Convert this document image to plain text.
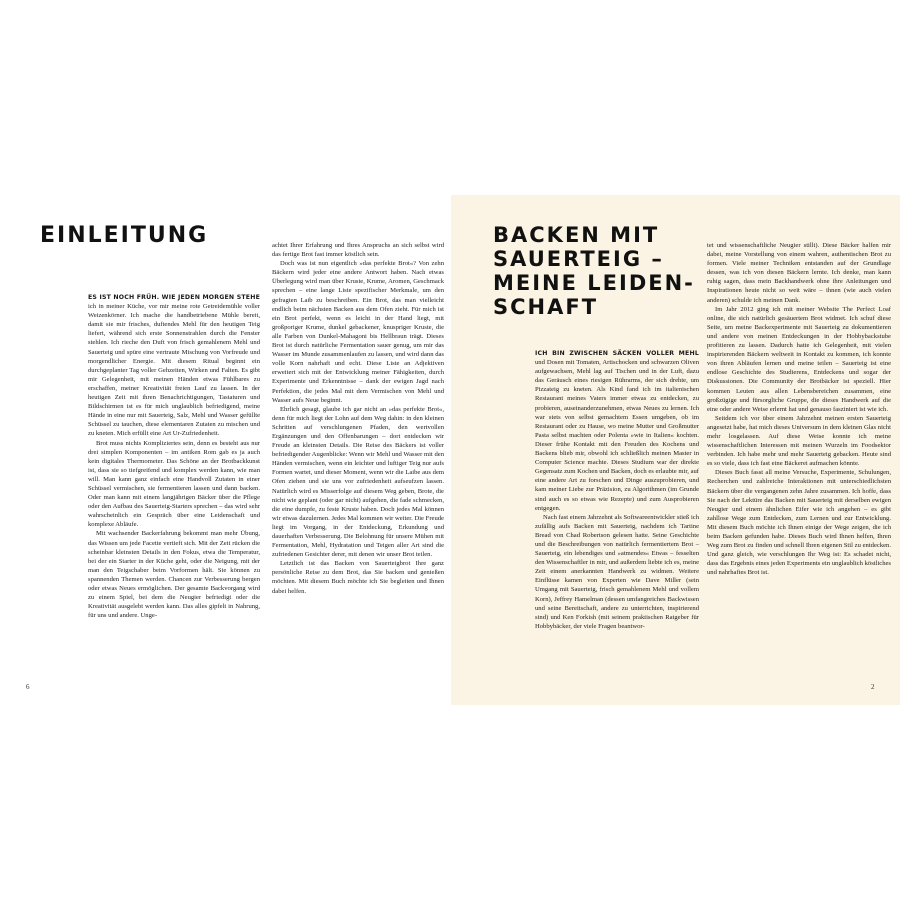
EINLEITUNG

ES IST NOCH FRÜH. WIE JEDEN MORGEN STEHE ich in meiner Küche, vor mir meine rote Getreidemühle voller Weizenkörner. Ich mache die handbetriebene Mühle bereit, damit sie mir frisches, duftendes Mehl für den heutigen Teig liefert, während sich erste Sonnenstrahlen durch die Fenster stehlen. Ich rieche den Duft von frisch gemahlenem Mehl und Sauerteig und spüre eine vertraute Mischung von Vorfreude und morgendlicher Energie. Mit diesem Ritual beginnt ein durchgeplanter Tag voller Gehzeiten, Wirken und Falten. Es gibt mir Gelegenheit, mit meinen Händen etwas Fühlbares zu erschaffen, meiner Kreativität freien Lauf zu lassen. In der heutigen Zeit mit ihren Benachrichtigungen, Tastaturen und Bildschirmen ist es für mich unglaublich befriedigend, meine Hände in eine nur mit Sauerteig, Salz, Mehl und Wasser gefüllte Schüssel zu tauchen, diese elementaren Zutaten zu mischen und zu kneten. Mich erfüllt eine Art Ur-Zufriedenheit.

Brot muss nichts Kompliziertes sein, denn es besteht aus nur drei simplen Komponenten – im antiken Rom gab es ja auch kein digitales Thermometer. Das Schöne an der Brotbackkunst ist, dass sie so tiefgreifend und komplex werden kann, wie man will. Man kann ganz einfach eine Handvoll Zutaten in einer Schüssel vermischen, sie fermentieren lassen und dann backen. Oder man kann mit einem langjährigen Bäcker über die Pflege oder den Aufbau des Sauerteig-Starters sprechen – das wird sehr wahrscheinlich ein Gespräch über eine Leidenschaft und komplexe Abläufe.

Mit wachsender Backerfahrung bekommt man mehr Übung, das Wissen um jede Facette vertieft sich. Mit der Zeit rücken die scheinbar kleinsten Details in den Fokus, etwa die Temperatur, bei der ein Starter in der Küche geht, oder die Neigung, mit der man den Teigschaber beim Vorformen hält. Sie können zu spannenden Themen werden. Chancen zur Verbesserung bergen oder etwas Neues ermöglichen. Der gesamte Backvorgang wird zu einem Spiel, bei dem die Neugier befriedigt oder die Kreativität ausgelebt werden kann. Das alles gipfelt in Nahrung, für uns und andere. Unge-

achtet Ihrer Erfahrung und Ihres Anspruchs an sich selbst wird das fertige Brot fast immer köstlich sein.

Doch was ist nun eigentlich »das perfekte Brot«? Von zehn Bäckern wird jeder eine andere Antwort haben. Nach etwas Überlegung wird man über Kruste, Krume, Aromen, Geschmack sprechen – eine lange Liste spezifischer Merkmale, um den gefragten Laib zu beschreiben. Ein Brot, das man vielleicht endlich beim nächsten Backen aus dem Ofen zieht. Für mich ist ein Brot perfekt, wenn es leicht in der Hand liegt, mit großporiger Krume, dunkel gebackener, knuspriger Kruste, die alle Farben von Dunkel-Mahagoni bis Hellbraun trägt. Dieses Brot ist durch natürliche Fermentation sauer genug, um mir das Wasser im Munde zusammenlaufen zu lassen, und wird dann das volle Korn nahrhaft und echt. Diese Liste an Adjektiven erweitert sich mit der Entwicklung meiner Fähigkeiten, durch Experimente und Erkenntnisse – dank der ewigen Jagd nach Perfektion, die jedes Mal mit dem Vermischen von Mehl und Wasser aufs Neue beginnt.

Ehrlich gesagt, glaube ich gar nicht an »das perfekte Brot«, denn für mich liegt der Lohn auf dem Weg dahin: in den kleinen Schritten auf verschlungenen Pfaden, den wertvollen Ergänzungen und den Offenbarungen – dort entdecken wir Freude an kleinsten Details. Die Reise des Bäckers ist voller befriedigender Augenblicke: Wenn wir Mehl und Wasser mit den Händen vermischen, wenn ein leichter und luftiger Teig nur aufs Formen wartet, und dieser Moment, wenn wir die Laibe aus dem Ofen ziehen und sie uns vor zufriedenheit aufseufzen lassen. Natürlich wird es Misserfolge auf diesem Weg geben, Brote, die nicht wie geplant (oder gar nicht) aufgehen, die fade schmecken, die eine dumpfe, zu feste Kruste haben. Doch jedes Mal können wir etwas dazulernen. Jedes Mal kommen wir weiter. Die Freude liegt im Vorgang, in der Entdeckung, Erkundung und dauerhaften Verbesserung. Die Belohnung für unsere Mühen mit Fermentation, Mehl, Hydratation und Teigen aller Art sind die zufriedenen Gesichter derer, mit denen wir unser Brot teilen.

Letztlich ist das Backen von Sauerteigbrot Ihre ganz persönliche Reise zu dem Brot, das Sie backen und genießen möchten. Mit diesem Buch möchte ich Sie begleiten und Ihnen dabei helfen.

6
BACKEN MIT
SAUERTEIG –
MEINE LEIDEN-
SCHAFT

ICH BIN ZWISCHEN SÄCKEN VOLLER MEHL und Dosen mit Tomaten, Artischocken und schwarzen Oliven aufgewachsen, Mehl lag auf Tischen und in der Luft, dazu das Geräusch eines riesigen Rührarms, der sich drehte, um Pizzateig zu kneten. Als Kind fand ich im italienischen Restaurant meines Vaters immer etwas zu entdecken, zu probieren, auseinanderzunehmen, etwas Neues zu lernen. Ich war stets von selbst gemachtem Essen umgeben, ob im Restaurant oder zu Hause, wo meine Mutter und Großmutter Pasta selbst machten oder Polenta »wie in Italien« kochten. Dieser frühe Kontakt mit den Freuden des Kochens und Backens blieb mir, obwohl ich schließlich meinen Master in Computer Science machte. Dieses Studium war der direkte Gegensatz zum Kochen und Backen, doch es erlaubte mir, auf eine andere Art zu forschen und Dinge auszuprobieren, und kam meiner Liebe zur Präzision, zu Algorithmen (im Grunde sind auch es so etwas wie Rezepte) und zum Ausprobieren entgegen.

Nach fast einem Jahrzehnt als Softwareentwickler stieß ich zufällig aufs Backen mit Sauerteig, nachdem ich Tartine Bread von Chad Robertson gelesen hatte. Seine Geschichte und die Beschreibungen von natürlich fermentiertem Brot – Sauerteig, ein lebendiges und »atmendes« Etwas – fesselten den Wissenschaftler in mir, und außerdem liebte ich es, meine Zeit einem anerkannten Handwerk zu widmen. Weitere Einflüsse kamen von Experten wie Dave Miller (sein Umgang mit Sauerteig, frisch gemahlenem Mehl und vollem Korn), Jeffrey Hamelman (dessen umfangreiches Backwissen und seine Bereitschaft, andere zu unterrichten, inspirierend sind) und Ken Forkish (mit seinem praktischen Ratgeber für Hobbybäcker, der viele Fragen beantwor-

tet und wissenschaftliche Neugier stillt). Diese Bäcker halfen mir dabei, meine Vorstellung von einem wahren, authentischen Brot zu formen. Viele meiner Techniken entstanden auf der Grundlage dessen, was ich von diesen Bäckern lernte. Ich denke, man kann ruhig sagen, dass mein Backhandwerk ohne ihre Anleitungen und Inspirationen heute nicht so weit wäre – ihnen (wie auch vielen anderen) schulde ich meinen Dank.

Im Jahr 2012 ging ich mit meiner Website The Perfect Loaf online, die sich natürlich gesäuertem Brot widmet. Ich schuf diese Seite, um meine Backexperimente mit Sauerteig zu dokumentieren und andere von meinen Entdeckungen in der Hobbybackstube profitieren zu lassen. Dadurch hatte ich Gelegenheit, mit vielen inspirierenden Bäckern weltweit in Kontakt zu kommen, ich konnte von ihren Abläufen lernen und meine teilen – Sauerteig ist eine endlose Geschichte des Studierens, Entdeckens und sogar der Diskussionen. Die Community der Brotbäcker ist speziell. Hier kommen Leuten aus allen Lebensbereichen zusammen, eine großzügige und fürsorgliche Gruppe, die dieses Handwerk auf die eine oder andere Weise erlernt hat und genauso fasziniert ist wie ich.

Seitdem ich vor über einem Jahrzehnt meinen ersten Sauerteig angesetzt habe, hat mich dieses Universum in dem kleinen Glas nicht mehr losgelassen. Auf diese Weise konnte ich meine wissenschaftlichen Interessen mit meinen Wurzeln im Foodsektor verbinden. Ich habe mehr und mehr Sauerteig gebacken. Heute sind es so viele, dass ich fast eine Bäckerei aufmachen könnte.

Dieses Buch fasst all meine Versuche, Experimente, Schulungen, Recherchen und zahlreiche Interaktionen mit unterschiedlichsten Bäckern über die vergangenen zehn Jahre zusammen. Ich hoffe, dass Sie nach der Lektüre das Backen mit Sauerteig mit derselben ewigen Neugier und einem ähnlichen Eifer wie ich angehen – es gibt zahllose Wege zum Entdecken, zum Lernen und zur Entwicklung. Mit diesem Buch möchte ich Ihnen einige der Wege zeigen, die ich beim Backen gefunden habe. Dieses Buch wird Ihnen helfen, Ihren Weg zum Brot zu finden und schnell Ihren eigenen Stil zu entdecken. Und ganz gleich, wie verschlungen Ihr Weg ist: Es schadet nicht, dass das Ergebnis eines jeden Experiments ein unglaublich köstliches und nahrhaftes Brot ist.

2
